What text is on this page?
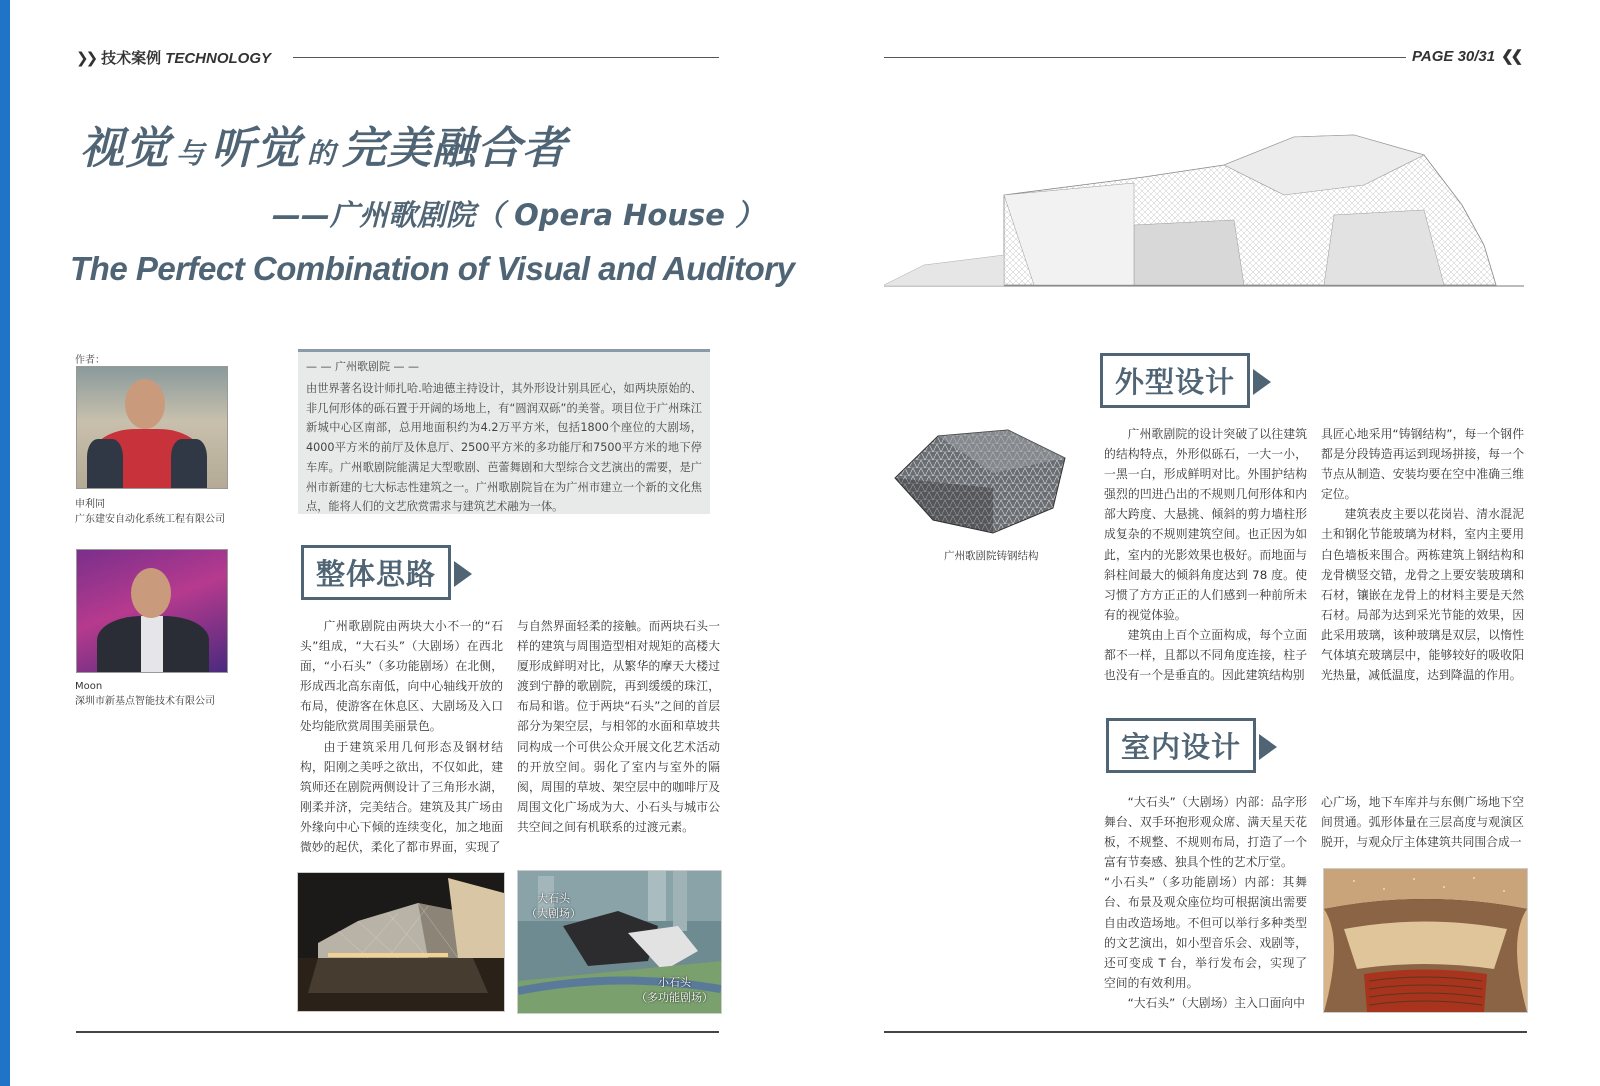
❯❯ 技术案例 TECHNOLOGY	PAGE 30/31 ❮❮
视觉 与 听觉 的 完美融合者
——广州歌剧院（ Opera House ）
The Perfect Combination of Visual and Auditory
作者：
申利同
广东建安自动化系统工程有限公司
Moon
深圳市新基点智能技术有限公司
— — 广州歌剧院 — —
由世界著名设计师扎哈.哈迪德主持设计，其外形设计别具匠心，如两块原始的、非几何形体的砾石置于开阔的场地上，有“圆润双砾”的美誉。项目位于广州珠江新城中心区南部，总用地面积约为4.2万平方米，包括1800个座位的大剧场，4000平方米的前厅及休息厅、2500平方米的多功能厅和7500平方米的地下停车库。广州歌剧院能满足大型歌剧、芭蕾舞剧和大型综合文艺演出的需要，是广州市新建的七大标志性建筑之一。广州歌剧院旨在为广州市建立一个新的文化焦点，能将人们的文艺欣赏需求与建筑艺术融为一体。
整体思路

广州歌剧院由两块大小不一的“石头”组成，“大石头”（大剧场）在西北面，“小石头”（多功能剧场）在北侧，形成西北高东南低，向中心轴线开放的布局，使游客在休息区、大剧场及入口处均能欣赏周围美丽景色。

由于建筑采用几何形态及钢材结构，阳刚之美呼之欲出，不仅如此，建筑师还在剧院两侧设计了三角形水湖，刚柔并济，完美结合。建筑及其广场由外缘向中心下倾的连续变化，加之地面微妙的起伏，柔化了都市界面，实现了

与自然界面轻柔的接触。而两块石头一样的建筑与周围造型相对规矩的高楼大厦形成鲜明对比，从繁华的摩天大楼过渡到宁静的歌剧院，再到缓缓的珠江，布局和谐。位于两块“石头”之间的首层部分为架空层，与相邻的水面和草坡共同构成一个可供公众开展文化艺术活动的开放空间。弱化了室内与室外的隔阂，周围的草坡、架空层中的咖啡厅及周围文化广场成为大、小石头与城市公共空间之间有机联系的过渡元素。

大石头
（大剧场）
小石头
（多功能剧场）
广州歌剧院铸钢结构
外型设计

广州歌剧院的设计突破了以往建筑的结构特点，外形似砾石，一大一小，一黑一白，形成鲜明对比。外围护结构强烈的凹进凸出的不规则几何形体和内部大跨度、大悬挑、倾斜的剪力墙柱形成复杂的不规则建筑空间。也正因为如此，室内的光影效果也极好。而地面与斜柱间最大的倾斜角度达到 78 度。使习惯了方方正正的人们感到一种前所未有的视觉体验。

建筑由上百个立面构成，每个立面都不一样，且都以不同角度连接，柱子也没有一个是垂直的。因此建筑结构别

具匠心地采用“铸钢结构”，每一个钢件都是分段铸造再运到现场拼接，每一个节点从制造、安装均要在空中准确三维定位。

建筑表皮主要以花岗岩、清水混泥土和钢化节能玻璃为材料，室内主要用白色墙板来围合。两栋建筑上钢结构和龙骨横竖交错，龙骨之上要安装玻璃和石材，镶嵌在龙骨上的材料主要是天然石材。局部为达到采光节能的效果，因此采用玻璃，该种玻璃是双层，以惰性气体填充玻璃层中，能够较好的吸收阳光热量，减低温度，达到降温的作用。

室内设计

“大石头”（大剧场）内部：品字形舞台、双手环抱形观众席、满天星天花板，不规整、不规则布局，打造了一个富有节奏感、独具个性的艺术厅堂。

“小石头”（多功能剧场）内部：其舞台、布景及观众座位均可根据演出需要自由改造场地。不但可以举行多种类型的文艺演出，如小型音乐会、戏剧等，还可变成 T 台，举行发布会，实现了空间的有效利用。

“大石头”（大剧场）主入口面向中

心广场，地下车库并与东侧广场地下空间贯通。弧形体量在三层高度与观演区脱开，与观众厅主体建筑共同围合成一
